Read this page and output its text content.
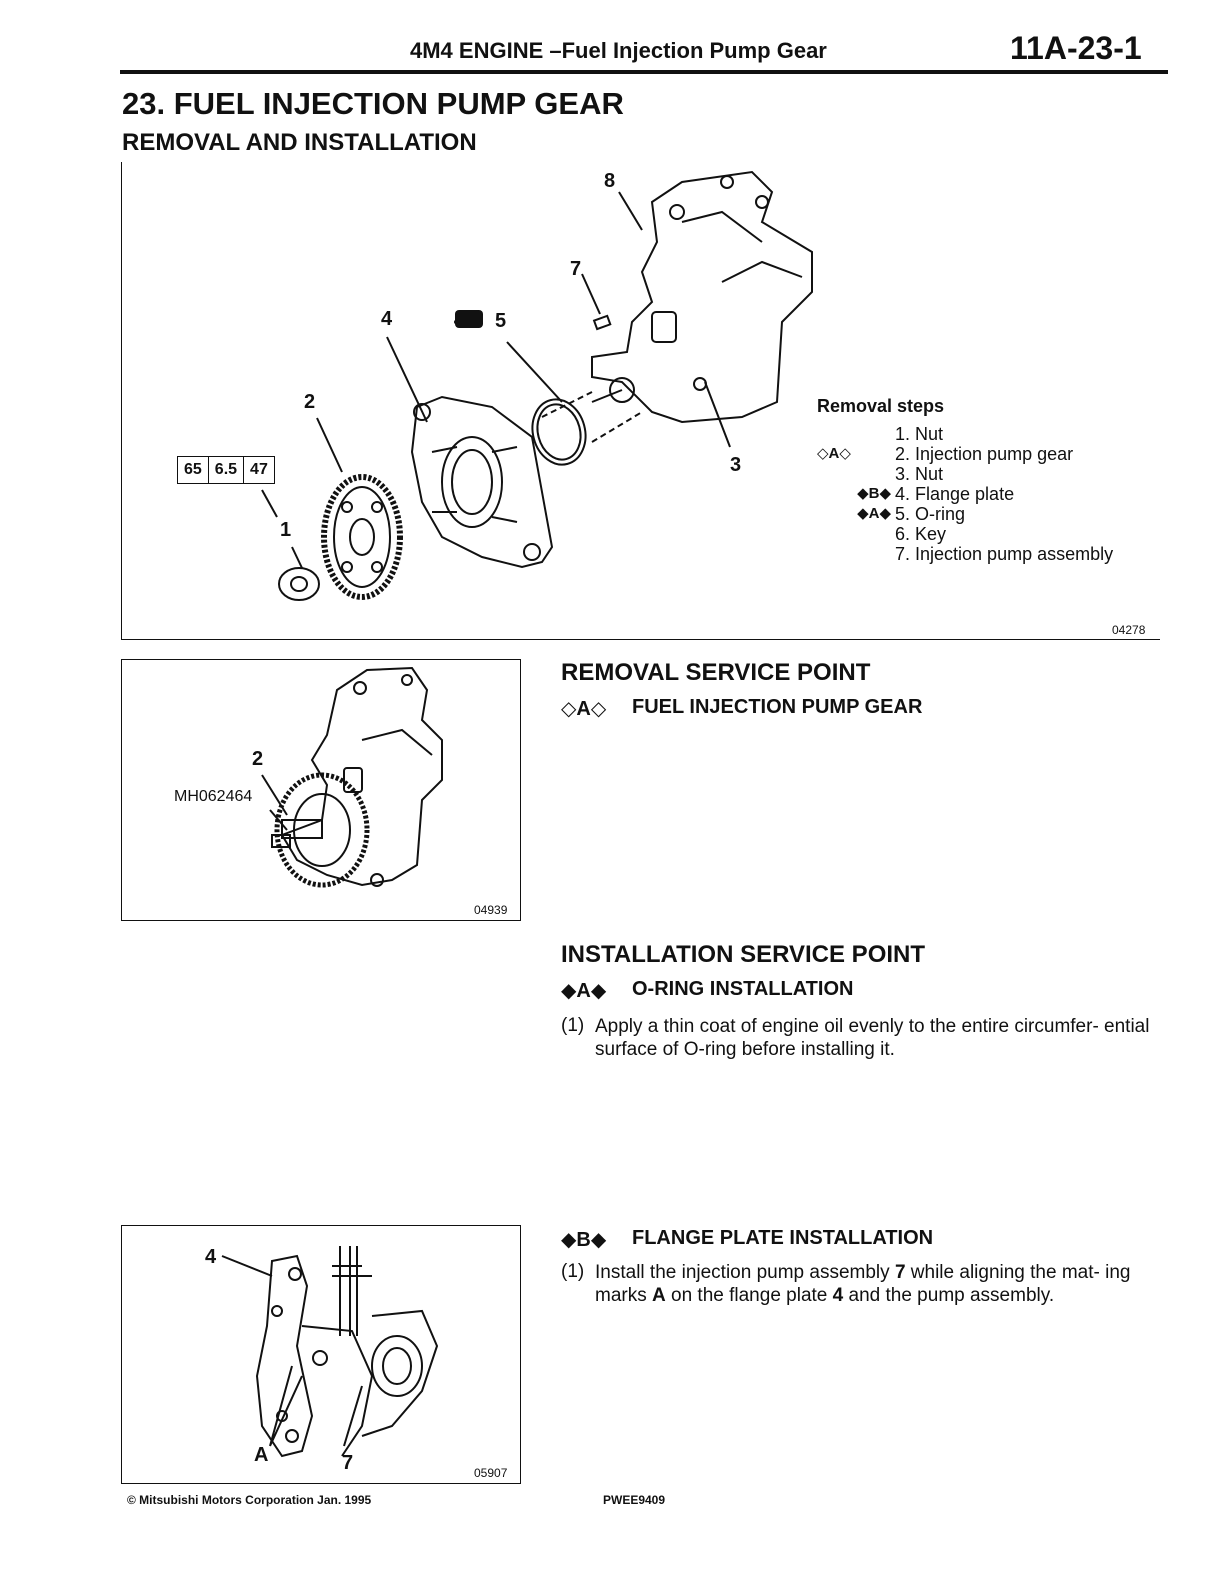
4M4 ENGINE –Fuel Injection Pump Gear	11A-23-1
23. FUEL INJECTION PUMP GEAR
REMOVAL AND INSTALLATION
8
7
4	5
2
3
1
04278
65 6.5 47
Removal steps
1. Nut
◇A◇	2. Injection pump gear
3. Nut
◆B◆ 4. Flange plate
◆A◆ 5. O-ring
6. Key
7. Injection pump assembly
2
MH062464
04939
REMOVAL SERVICE POINT
◇A◇ FUEL INJECTION PUMP GEAR
INSTALLATION SERVICE POINT
◆A◆ O-RING INSTALLATION
(1) Apply a thin coat of engine oil evenly to the entire circumfer- ential surface of O-ring before installing it.
4
A	7	05907
◆B◆ FLANGE PLATE INSTALLATION
(1) Install the injection pump assembly 7 while aligning the mat- ing marks A on the flange plate 4 and the pump assembly.
© Mitsubishi Motors Corporation Jan. 1995	PWEE9409
